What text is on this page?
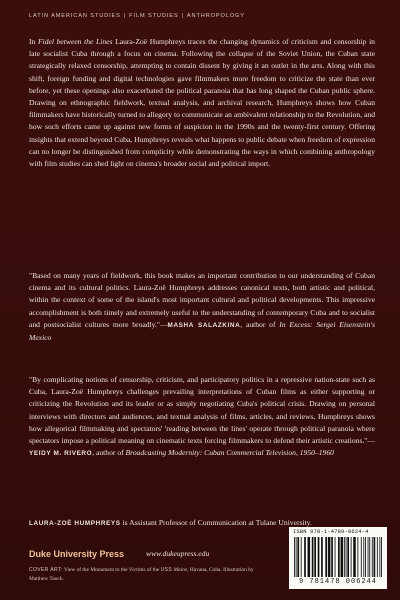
LATIN AMERICAN STUDIES | FILM STUDIES | ANTHROPOLOGY
In Fidel between the Lines Laura-Zoë Humphreys traces the changing dynamics of criticism and censorship in late socialist Cuba through a focus on cinema. Following the collapse of the Soviet Union, the Cuban state strategically relaxed censorship, attempting to contain dissent by giving it an outlet in the arts. Along with this shift, foreign funding and digital technologies gave filmmakers more freedom to criticize the state than ever before, yet these openings also exacerbated the political paranoia that has long shaped the Cuban public sphere. Drawing on ethnographic fieldwork, textual analysis, and archival research, Humphreys shows how Cuban filmmakers have historically turned to allegory to communicate an ambivalent relationship to the Revolution, and how such efforts came up against new forms of suspicion in the 1990s and the twenty-first century. Offering insights that extend beyond Cuba, Humphreys reveals what happens to public debate when freedom of expression can no longer be distinguished from complicity while demonstrating the ways in which combining anthropology with film studies can shed light on cinema's broader social and political import.
"Based on many years of fieldwork, this book makes an important contribution to our understanding of Cuban cinema and its cultural politics. Laura-Zoë Humphreys addresses canonical texts, both artistic and political, within the context of some of the island's most important cultural and political developments. This impressive accomplishment is both timely and extremely useful to the understanding of contemporary Cuba and to socialist and postsocialist cultures more broadly."—MASHA SALAZKINA, author of In Excess: Sergei Eisenstein's Mexico
"By complicating notions of censorship, criticism, and participatory politics in a repressive nation-state such as Cuba, Laura-Zoë Humphreys challenges prevailing interpretations of Cuban films as either supporting or criticizing the Revolution and its leader or as simply negotiating Cuba's political crisis. Drawing on personal interviews with directors and audiences, and textual analysis of films, articles, and reviews, Humphreys shows how allegorical filmmaking and spectators' 'reading between the lines' operate through political paranoia where spectators impose a political meaning on cinematic texts forcing filmmakers to defend their artistic creations."—YEIDY M. RIVERO, author of Broadcasting Modernity: Cuban Commercial Television, 1950–1960
LAURA-ZOË HUMPHREYS is Assistant Professor of Communication at Tulane University.
Duke University Press	www.dukeupress.edu
COVER ART: View of the Monument to the Victims of the USS Maine, Havana, Cuba. Illustration by Matthew Tauch.
ISBN 978-1-4780-0624-4
9 781478 006244
